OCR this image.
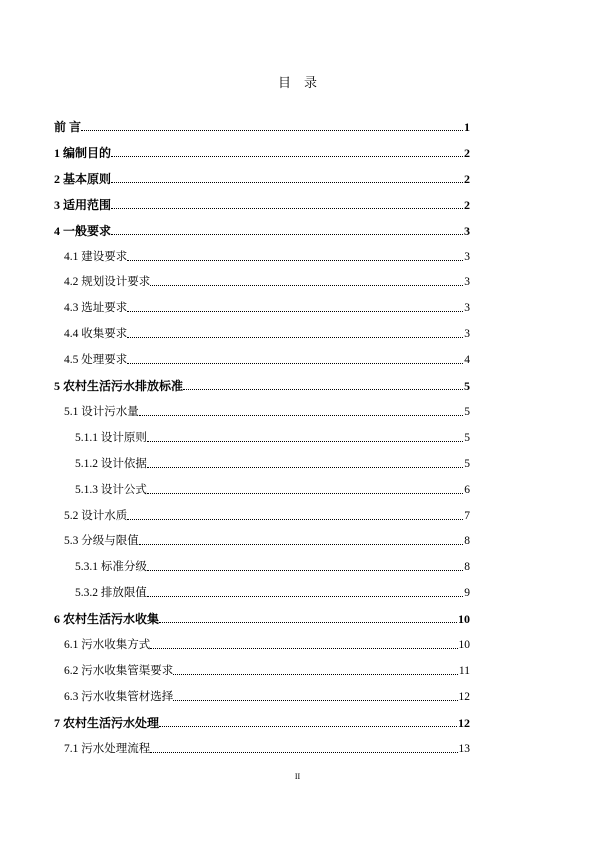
目　录
前 言	1
1 编制目的	2
2 基本原则	2
3 适用范围	2
4 一般要求	3
4.1 建设要求	3
4.2 规划设计要求	3
4.3 选址要求	3
4.4 收集要求	3
4.5 处理要求	4
5 农村生活污水排放标准	5
5.1 设计污水量	5
5.1.1 设计原则	5
5.1.2 设计依据	5
5.1.3 设计公式	6
5.2 设计水质	7
5.3 分级与限值	8
5.3.1 标准分级	8
5.3.2 排放限值	9
6 农村生活污水收集	10
6.1 污水收集方式	10
6.2 污水收集管渠要求	11
6.3 污水收集管材选择	12
7 农村生活污水处理	12
7.1 污水处理流程	13
II
